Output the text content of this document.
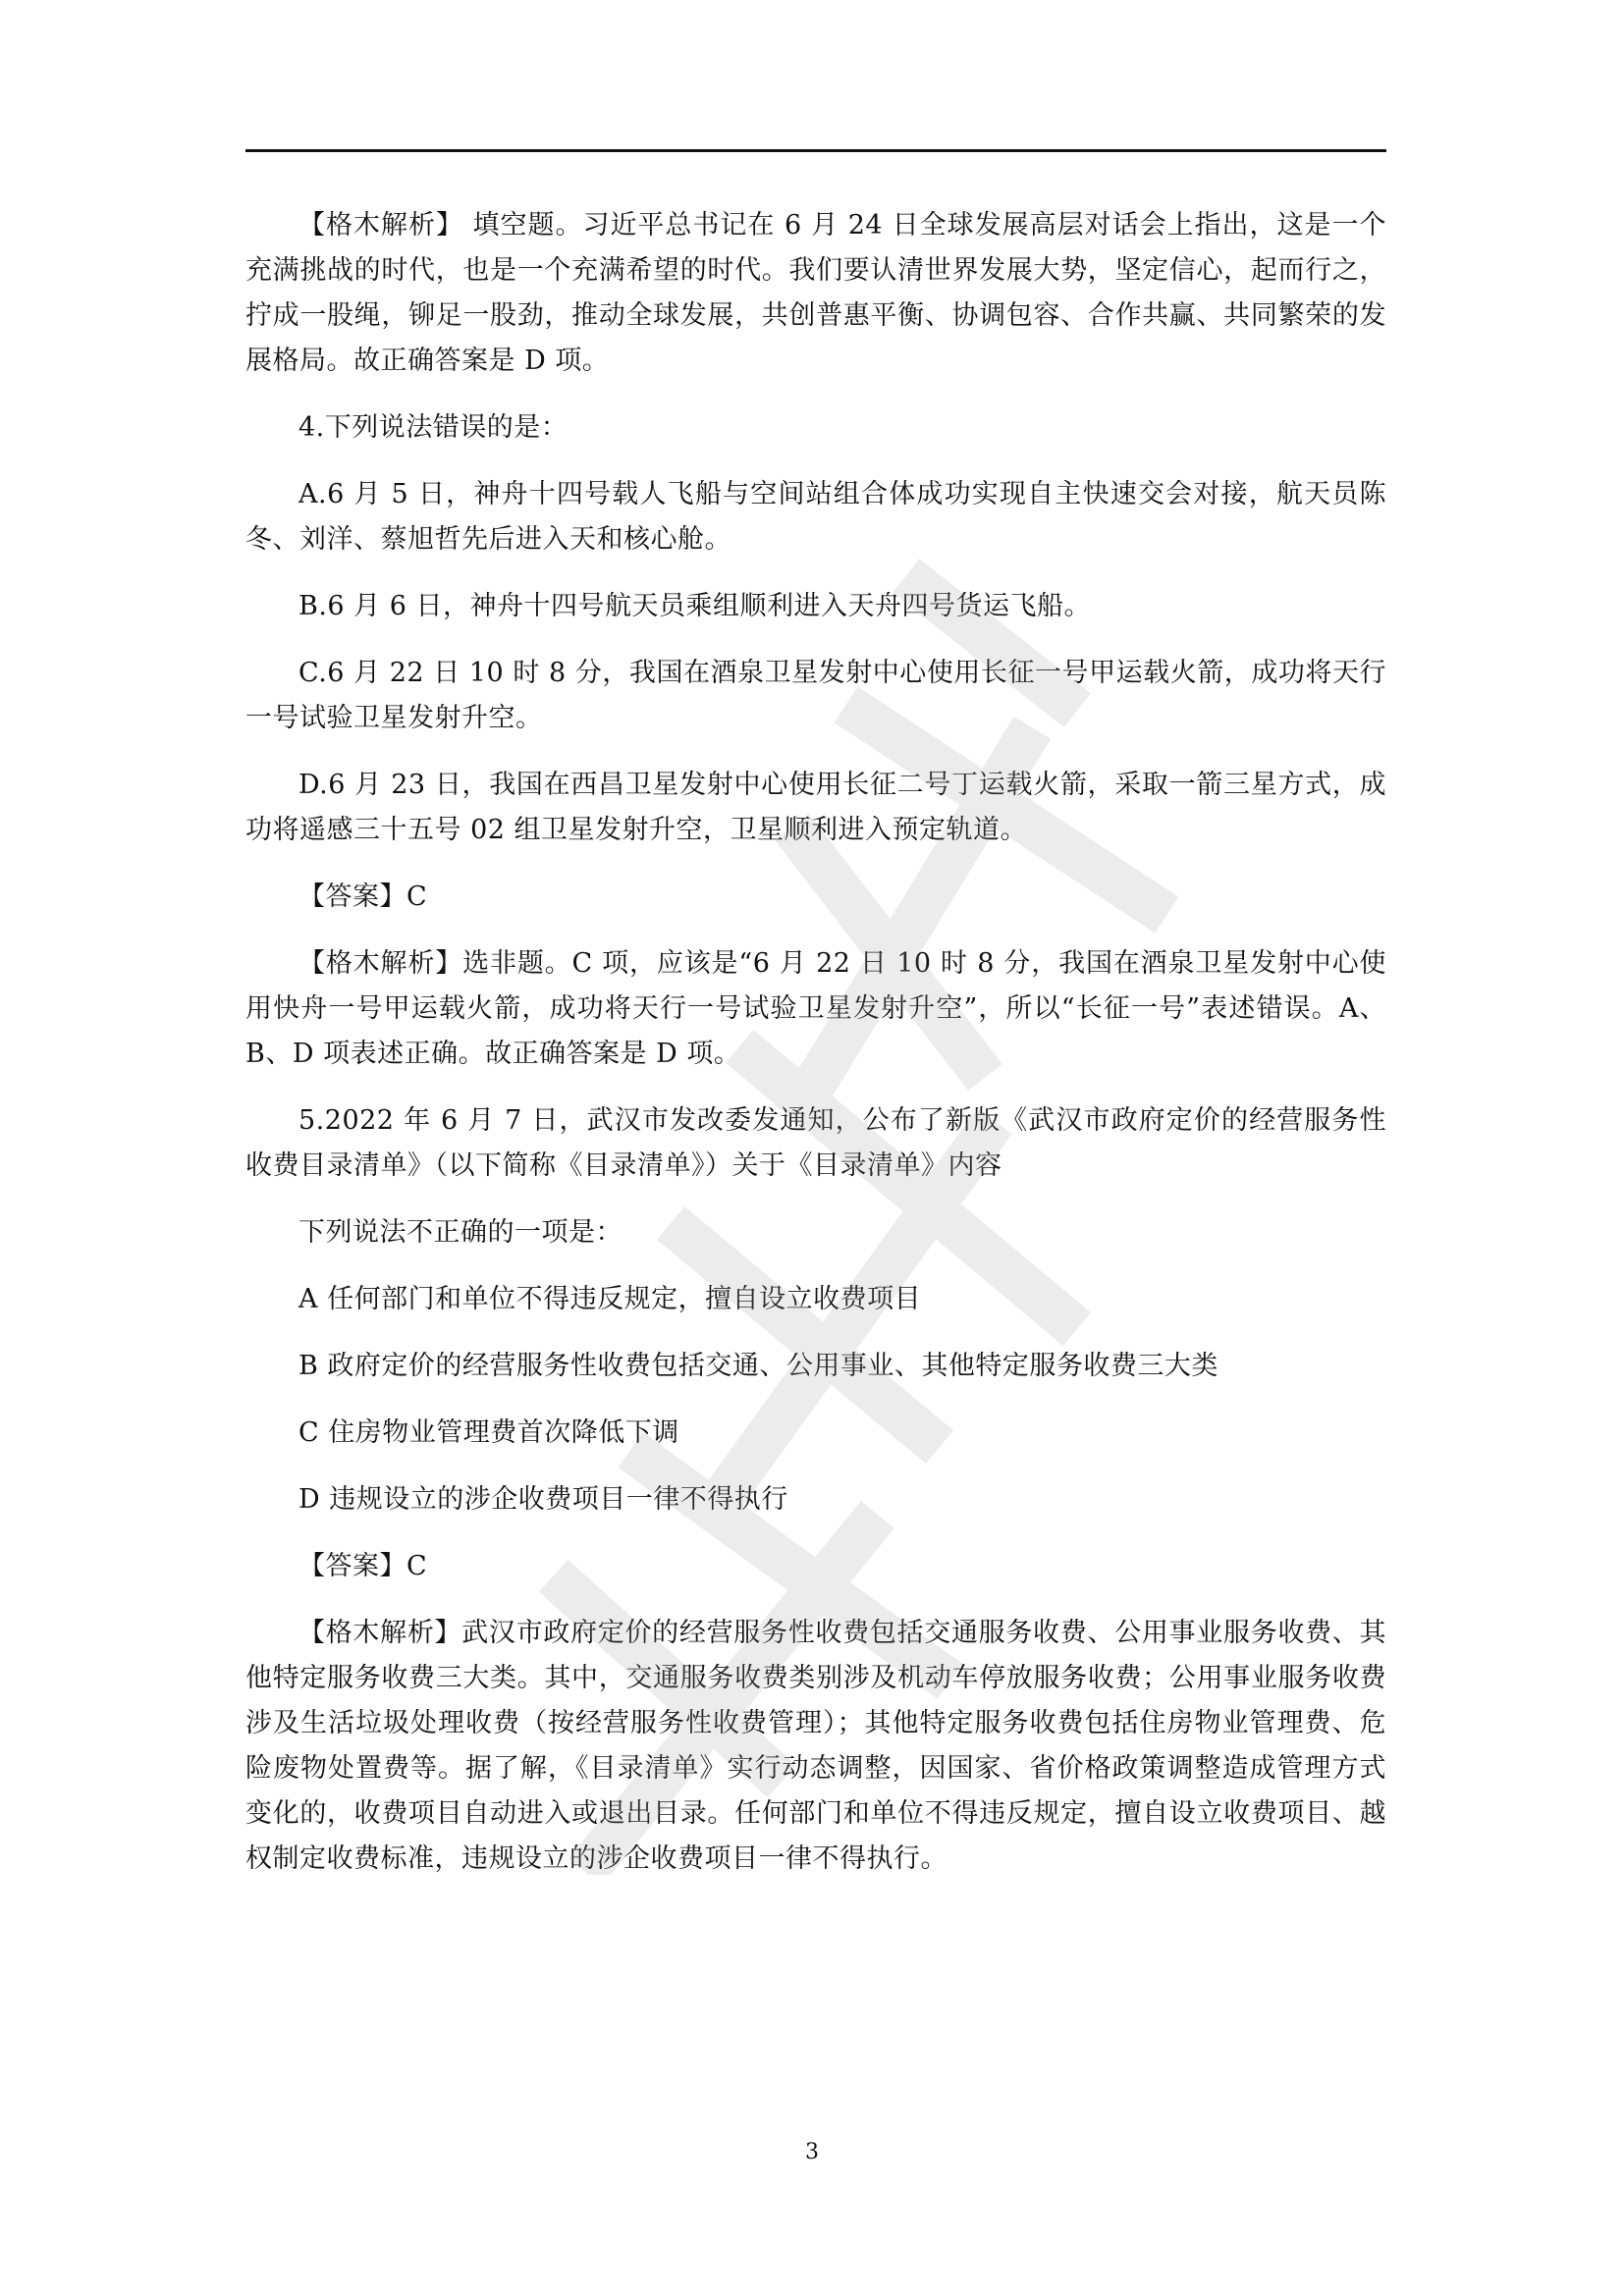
【格木解析】 填空题。习近平总书记在 6 月 24 日全球发展高层对话会上指出，这是一个充满挑战的时代，也是一个充满希望的时代。我们要认清世界发展大势，坚定信心，起而行之，拧成一股绳，铆足一股劲，推动全球发展，共创普惠平衡、协调包容、合作共赢、共同繁荣的发展格局。故正确答案是 D 项。

4.下列说法错误的是：

A.6 月 5 日，神舟十四号载人飞船与空间站组合体成功实现自主快速交会对接，航天员陈冬、刘洋、蔡旭哲先后进入天和核心舱。

B.6 月 6 日，神舟十四号航天员乘组顺利进入天舟四号货运飞船。

C.6 月 22 日 10 时 8 分，我国在酒泉卫星发射中心使用长征一号甲运载火箭，成功将天行一号试验卫星发射升空。

D.6 月 23 日，我国在西昌卫星发射中心使用长征二号丁运载火箭，采取一箭三星方式，成功将遥感三十五号 02 组卫星发射升空，卫星顺利进入预定轨道。

【答案】C

【格木解析】选非题。C 项，应该是“6 月 22 日 10 时 8 分，我国在酒泉卫星发射中心使用快舟一号甲运载火箭，成功将天行一号试验卫星发射升空”，所以“长征一号”表述错误。A、B、D 项表述正确。故正确答案是 D 项。

5.2022 年 6 月 7 日，武汉市发改委发通知，公布了新版《武汉市政府定价的经营服务性收费目录清单》（以下简称《目录清单》）关于《目录清单》内容

下列说法不正确的一项是：

A 任何部门和单位不得违反规定，擅自设立收费项目

B 政府定价的经营服务性收费包括交通、公用事业、其他特定服务收费三大类

C 住房物业管理费首次降低下调

D 违规设立的涉企收费项目一律不得执行

【答案】C

【格木解析】武汉市政府定价的经营服务性收费包括交通服务收费、公用事业服务收费、其他特定服务收费三大类。其中，交通服务收费类别涉及机动车停放服务收费；公用事业服务收费涉及生活垃圾处理收费（按经营服务性收费管理）；其他特定服务收费包括住房物业管理费、危险废物处置费等。据了解，《目录清单》实行动态调整，因国家、省价格政策调整造成管理方式变化的，收费项目自动进入或退出目录。任何部门和单位不得违反规定，擅自设立收费项目、越权制定收费标准，违规设立的涉企收费项目一律不得执行。

3
